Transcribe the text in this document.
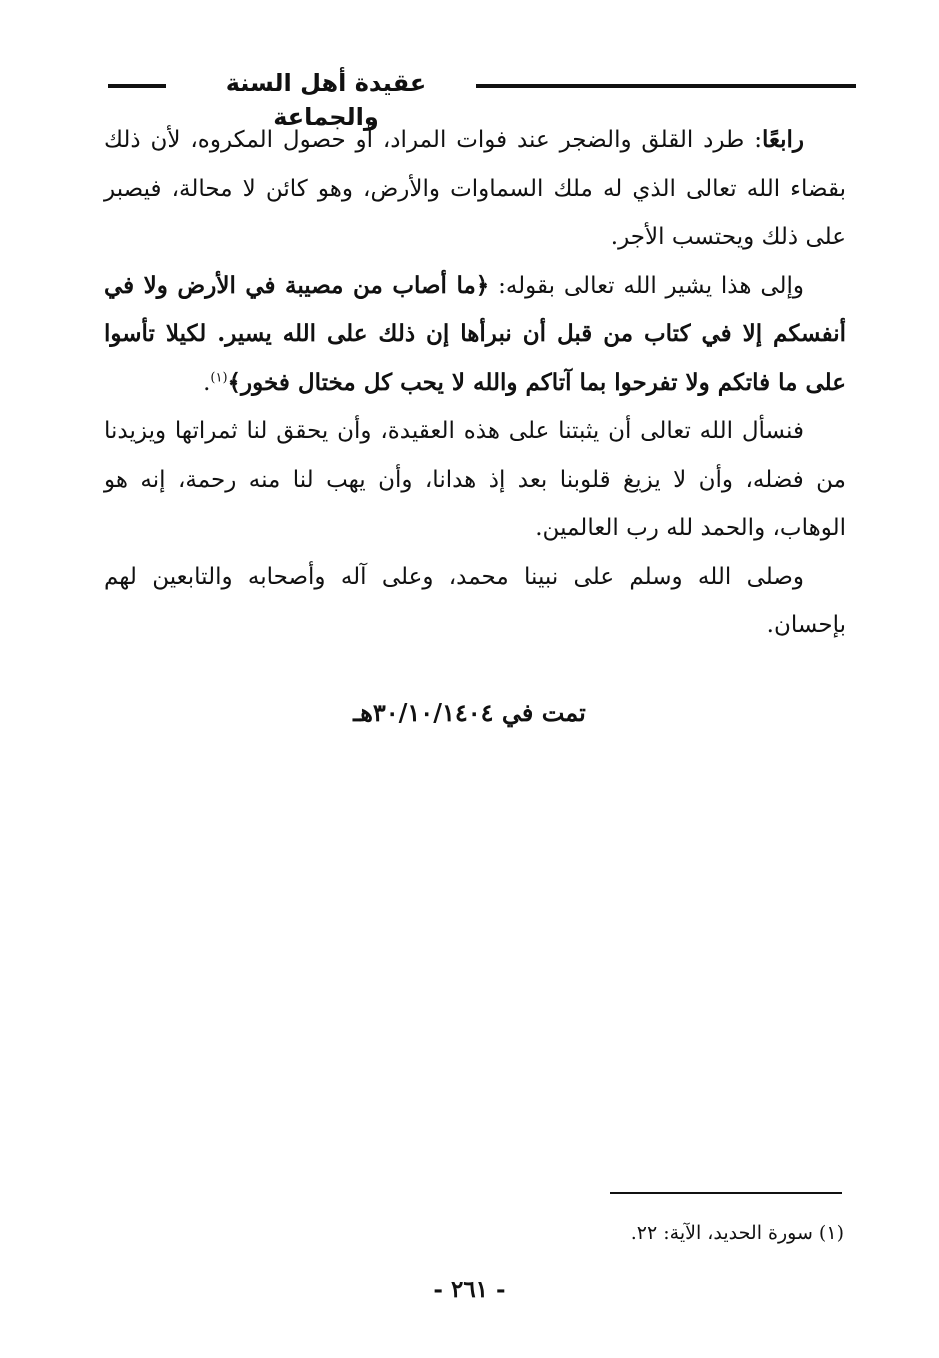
عقيدة أهل السنة والجماعة

رابعًا: طرد القلق والضجر عند فوات المراد، أو حصول المكروه، لأن ذلك بقضاء الله تعالى الذي له ملك السماوات والأرض، وهو كائن لا محالة، فيصبر على ذلك ويحتسب الأجر.

وإلى هذا يشير الله تعالى بقوله: ﴿ما أصاب من مصيبة في الأرض ولا في أنفسكم إلا في كتاب من قبل أن نبرأها إن ذلك على الله يسير. لكيلا تأسوا على ما فاتكم ولا تفرحوا بما آتاكم والله لا يحب كل مختال فخور﴾$^{(١)}$.

فنسأل الله تعالى أن يثبتنا على هذه العقيدة، وأن يحقق لنا ثمراتها ويزيدنا من فضله، وأن لا يزيغ قلوبنا بعد إذ هدانا، وأن يهب لنا منه رحمة، إنه هو الوهاب، والحمد لله رب العالمين.

وصلى الله وسلم على نبينا محمد، وعلى آله وأصحابه والتابعين لهم بإحسان.

تمت في ٣٠/١٠/١٤٠٤هـ
(١) سورة الحديد، الآية: ٢٢.
- ٢٦١ -
